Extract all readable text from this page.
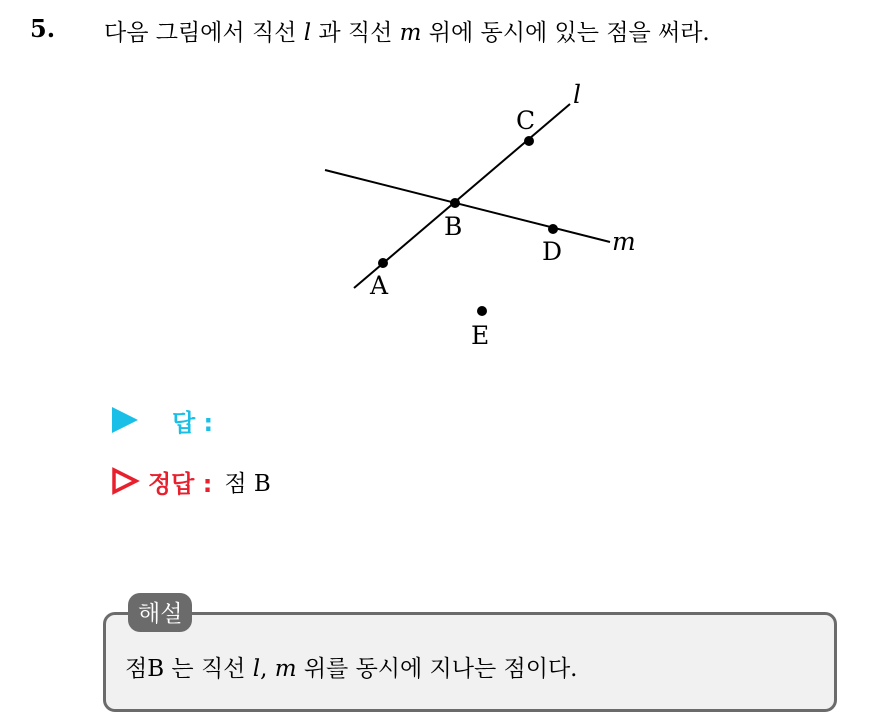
5. 다음 그림에서 직선 l 과 직선 m 위에 동시에 있는 점을 써라.
A
B
C
D
E
l
m
답 :
정답 : 점 B
해설
점B 는 직선 l, m 위를 동시에 지나는 점이다.
